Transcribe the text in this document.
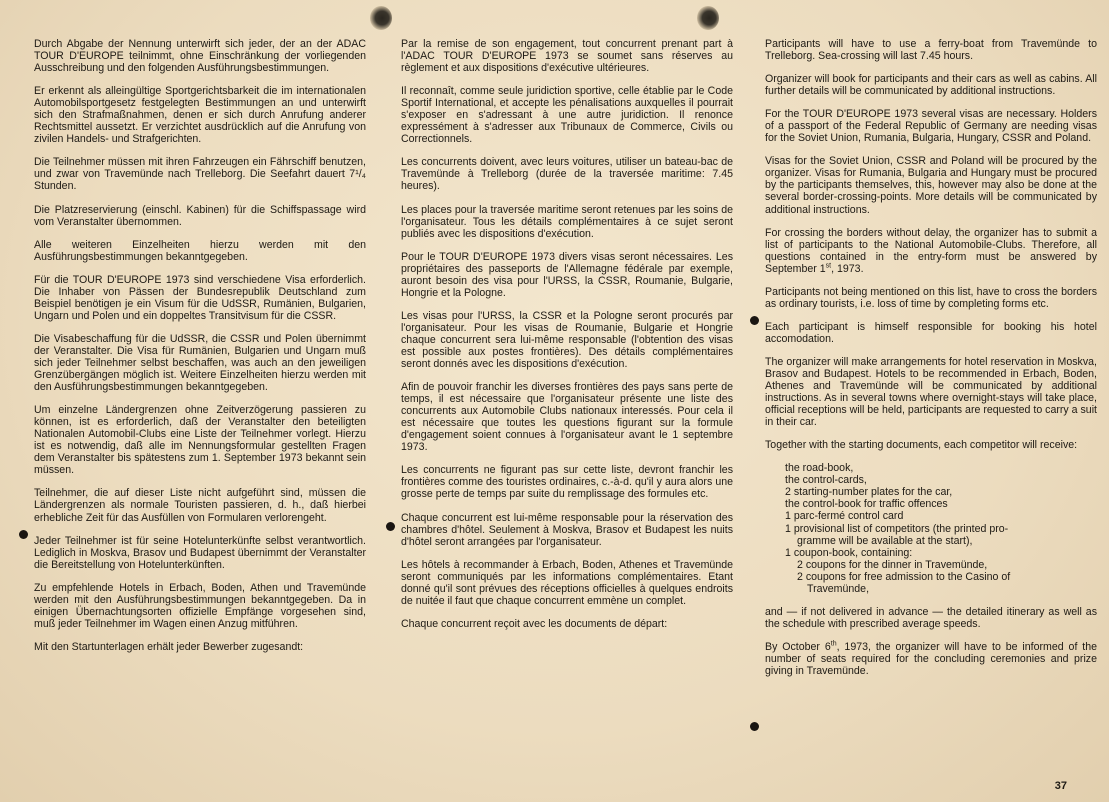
Durch Abgabe der Nennung unterwirft sich jeder, der an der ADAC TOUR D'EUROPE teilnimmt, ohne Einschränkung der vorliegenden Ausschreibung und den folgenden Ausführungsbestimmungen.

Er erkennt als alleingültige Sportgerichtsbarkeit die im internationalen Automobilsportgesetz festgelegten Bestimmungen an und unterwirft sich den Strafmaßnahmen, denen er sich durch Anrufung anderer Rechtsmittel aussetzt. Er verzichtet ausdrücklich auf die Anrufung von zivilen Handels- und Strafgerichten.

Die Teilnehmer müssen mit ihren Fahrzeugen ein Fährschiff benutzen, und zwar von Travemünde nach Trelleborg. Die Seefahrt dauert 7¹/₄ Stunden.

Die Platzreservierung (einschl. Kabinen) für die Schiffspassage wird vom Veranstalter übernommen.

Alle weiteren Einzelheiten hierzu werden mit den Ausführungsbestimmungen bekanntgegeben.

Für die TOUR D'EUROPE 1973 sind verschiedene Visa erforderlich. Die Inhaber von Pässen der Bundesrepublik Deutschland zum Beispiel benötigen je ein Visum für die UdSSR, Rumänien, Bulgarien, Ungarn und Polen und ein doppeltes Transitvisum für die CSSR.

Die Visabeschaffung für die UdSSR, die CSSR und Polen übernimmt der Veranstalter. Die Visa für Rumänien, Bulgarien und Ungarn muß sich jeder Teilnehmer selbst beschaffen, was auch an den jeweiligen Grenzübergängen möglich ist. Weitere Einzelheiten hierzu werden mit den Ausführungsbestimmungen bekanntgegeben.

Um einzelne Ländergrenzen ohne Zeitverzögerung passieren zu können, ist es erforderlich, daß der Veranstalter den beteiligten Nationalen Automobil-Clubs eine Liste der Teilnehmer vorlegt. Hierzu ist es notwendig, daß alle im Nennungsformular gestellten Fragen dem Veranstalter bis spätestens zum 1. September 1973 bekannt sein müssen.

Teilnehmer, die auf dieser Liste nicht aufgeführt sind, müssen die Ländergrenzen als normale Touristen passieren, d. h., daß hierbei erhebliche Zeit für das Ausfüllen von Formularen verlorengeht.

Jeder Teilnehmer ist für seine Hotelunterkünfte selbst verantwortlich. Lediglich in Moskva, Brasov und Budapest übernimmt der Veranstalter die Bereitstellung von Hotelunterkünften.

Zu empfehlende Hotels in Erbach, Boden, Athen und Travemünde werden mit den Ausführungsbestimmungen bekanntgegeben. Da in einigen Übernachtungsorten offizielle Empfänge vorgesehen sind, muß jeder Teilnehmer im Wagen einen Anzug mitführen.

Mit den Startunterlagen erhält jeder Bewerber zugesandt:

Par la remise de son engagement, tout concurrent prenant part à l'ADAC TOUR D'EUROPE 1973 se soumet sans réserves au règlement et aux dispositions d'exécutive ultérieures.

Il reconnaît, comme seule juridiction sportive, celle établie par le Code Sportif International, et accepte les pénalisations auxquelles il pourrait s'exposer en s'adressant à une autre juridiction. Il renonce expressément à s'adresser aux Tribunaux de Commerce, Civils ou Correctionnels.

Les concurrents doivent, avec leurs voitures, utiliser un bateau-bac de Travemünde à Trelleborg (durée de la traversée maritime: 7.45 heures).

Les places pour la traversée maritime seront retenues par les soins de l'organisateur. Tous les détails complémentaires à ce sujet seront publiés avec les dispositions d'exécution.

Pour le TOUR D'EUROPE 1973 divers visas seront nécessaires. Les propriétaires des passeports de l'Allemagne fédérale par exemple, auront besoin des visa pour l'URSS, la CSSR, Roumanie, Bulgarie, Hongrie et la Pologne.

Les visas pour l'URSS, la CSSR et la Pologne seront procurés par l'organisateur. Pour les visas de Roumanie, Bulgarie et Hongrie chaque concurrent sera lui-même responsable (l'obtention des visas est possible aux postes frontières). Des détails complémentaires seront donnés avec les dispositions d'exécution.

Afin de pouvoir franchir les diverses frontières des pays sans perte de temps, il est nécessaire que l'organisateur présente une liste des concurrents aux Automobile Clubs nationaux interessés. Pour cela il est nécessaire que toutes les questions figurant sur la formule d'engagement soient connues à l'organisateur avant le 1 septembre 1973.

Les concurrents ne figurant pas sur cette liste, devront franchir les frontières comme des touristes ordinaires, c.-à-d. qu'il y aura alors une grosse perte de temps par suite du remplissage des formules etc.

Chaque concurrent est lui-même responsable pour la réservation des chambres d'hôtel. Seulement à Moskva, Brasov et Budapest les nuits d'hôtel seront arrangées par l'organisateur.

Les hôtels à recommander à Erbach, Boden, Athenes et Travemünde seront communiqués par les informations complémentaires. Etant donné qu'il sont prévues des réceptions officielles à quelques endroits de nuitée il faut que chaque concurrent emmène un complet.

Chaque concurrent reçoit avec les documents de départ:

Participants will have to use a ferry-boat from Travemünde to Trelleborg. Sea-crossing will last 7.45 hours.

Organizer will book for participants and their cars as well as cabins. All further details will be communicated by additional instructions.

For the TOUR D'EUROPE 1973 several visas are necessary. Holders of a passport of the Federal Republic of Germany are needing visas for the Soviet Union, Rumania, Bulgaria, Hungary, CSSR and Poland.

Visas for the Soviet Union, CSSR and Poland will be procured by the organizer. Visas for Rumania, Bulgaria and Hungary must be procured by the participants themselves, this, however may also be done at the several border-crossing-points. More details will be communicated by additional instructions.

For crossing the borders without delay, the organizer has to submit a list of participants to the National Automobile-Clubs. Therefore, all questions contained in the entry-form must be answered by September 1st, 1973.

Participants not being mentioned on this list, have to cross the borders as ordinary tourists, i.e. loss of time by completing forms etc.

Each participant is himself responsible for booking his hotel accomodation.

The organizer will make arrangements for hotel reservation in Moskva, Brasov and Budapest. Hotels to be recommended in Erbach, Boden, Athenes and Travemünde will be communicated by additional instructions. As in several towns where overnight-stays will take place, official receptions will be held, participants are requested to carry a suit in their car.

Together with the starting documents, each competitor will receive:

the road-book,
the control-cards,
2 starting-number plates for the car,
the control-book for traffic offences
1 parc-fermé control card
1 provisional list of competitors (the printed pro-
gramme will be available at the start),
1 coupon-book, containing:
2 coupons for the dinner in Travemünde,
2 coupons for free admission to the Casino of
Travemünde,

and — if not delivered in advance — the detailed itinerary as well as the schedule with prescribed average speeds.

By October 6th, 1973, the organizer will have to be informed of the number of seats required for the concluding ceremonies and prize giving in Travemünde.

37
